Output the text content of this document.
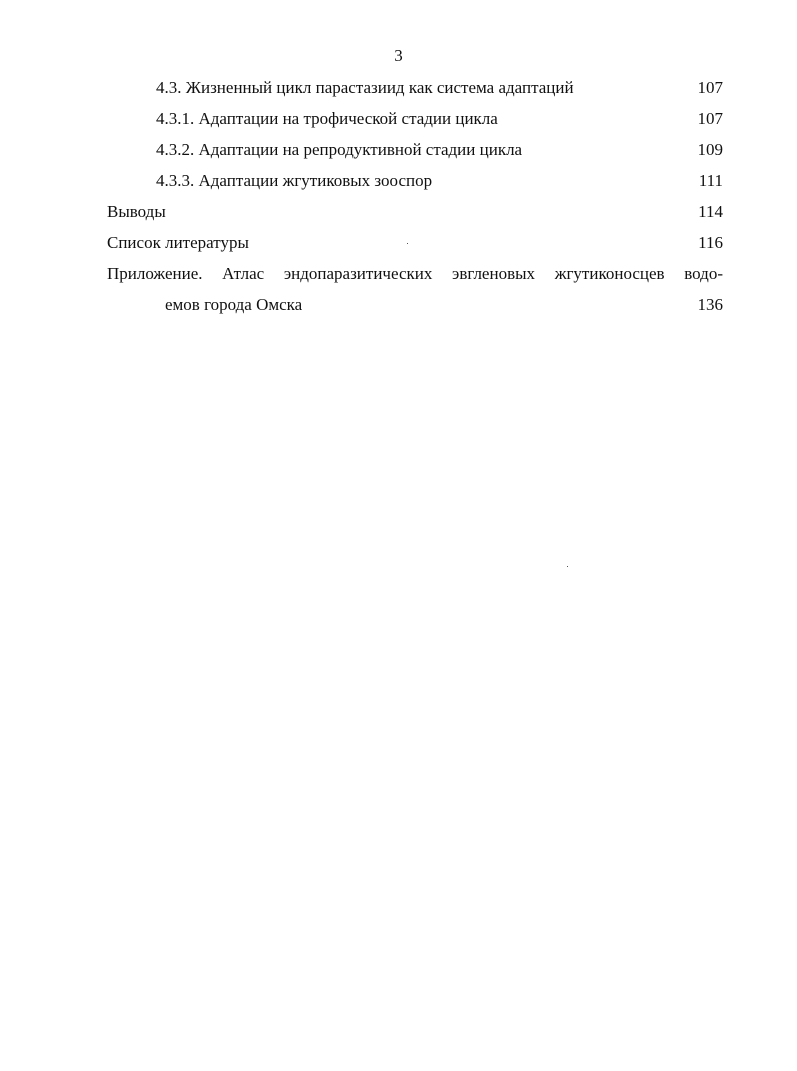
3
4.3. Жизненный цикл парастазиид как система адаптаций	107
4.3.1. Адаптации на трофической стадии цикла	107
4.3.2. Адаптации на репродуктивной стадии цикла	109
4.3.3. Адаптации жгутиковых зооспор	111
Выводы	114
Список литературы	116
Приложение. Атлас эндопаразитических эвгленовых жгутиконосцев водо-
емов города Омска	136
